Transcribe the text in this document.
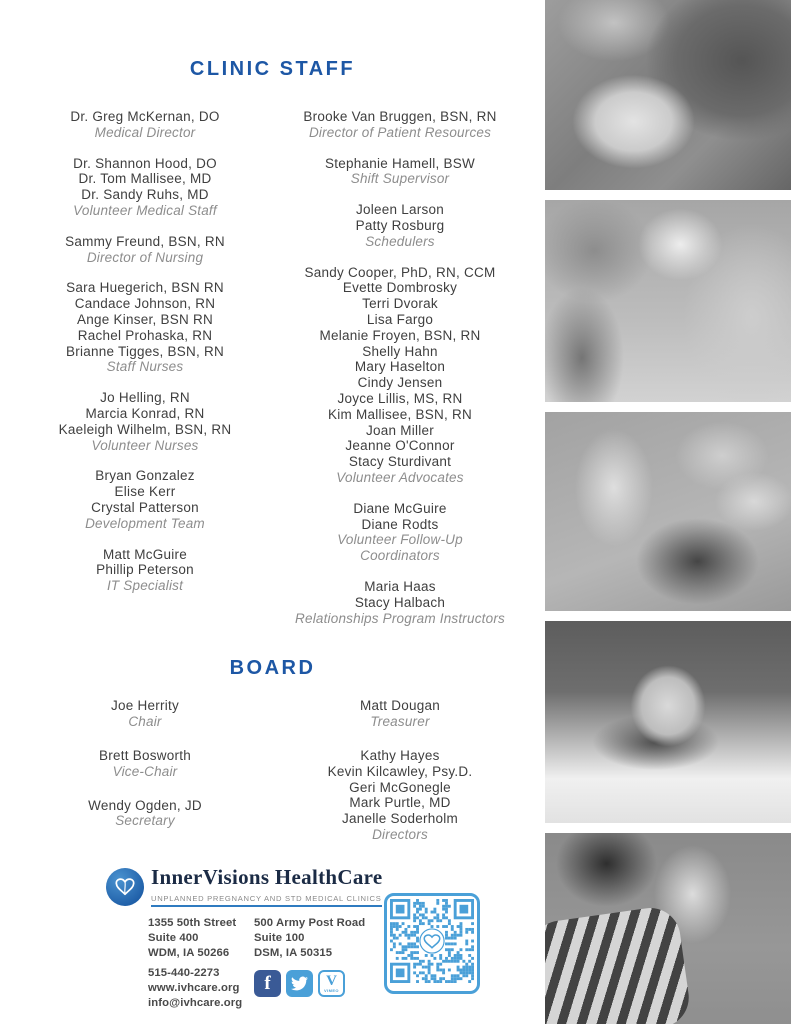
CLINIC STAFF
Dr. Greg McKernan, DO
Medical Director
Dr. Shannon Hood, DO
Dr. Tom Mallisee, MD
Dr. Sandy Ruhs, MD
Volunteer Medical Staff
Sammy Freund, BSN, RN
Director of Nursing
Sara Huegerich, BSN RN
Candace Johnson, RN
Ange Kinser, BSN RN
Rachel Prohaska, RN
Brianne Tigges, BSN, RN
Staff Nurses
Jo Helling, RN
Marcia Konrad, RN
Kaeleigh Wilhelm, BSN, RN
Volunteer Nurses
Bryan Gonzalez
Elise Kerr
Crystal Patterson
Development Team
Matt McGuire
Phillip Peterson
IT Specialist
Brooke Van Bruggen, BSN, RN
Director of Patient Resources
Stephanie Hamell, BSW
Shift Supervisor
Joleen Larson
Patty Rosburg
Schedulers
Sandy Cooper, PhD, RN, CCM
Evette Dombrosky
Terri Dvorak
Lisa Fargo
Melanie Froyen, BSN, RN
Shelly Hahn
Mary Haselton
Cindy Jensen
Joyce Lillis, MS, RN
Kim Mallisee, BSN, RN
Joan Miller
Jeanne O'Connor
Stacy Sturdivant
Volunteer Advocates
Diane McGuire
Diane Rodts
Volunteer Follow-Up Coordinators
Maria Haas
Stacy Halbach
Relationships Program Instructors
BOARD
Joe Herrity
Chair
Brett Bosworth
Vice-Chair
Wendy Ogden, JD
Secretary
Matt Dougan
Treasurer
Kathy Hayes
Kevin Kilcawley, Psy.D.
Geri McGonegle
Mark Purtle, MD
Janelle Soderholm
Directors
InnerVisions HealthCare
UNPLANNED PREGNANCY AND STD MEDICAL CLINICS
1355 50th Street
Suite 400
WDM, IA 50266
515-440-2273
www.ivhcare.org
info@ivhcare.org
500 Army Post Road
Suite 100
DSM, IA 50315
f	V
VIMEO
